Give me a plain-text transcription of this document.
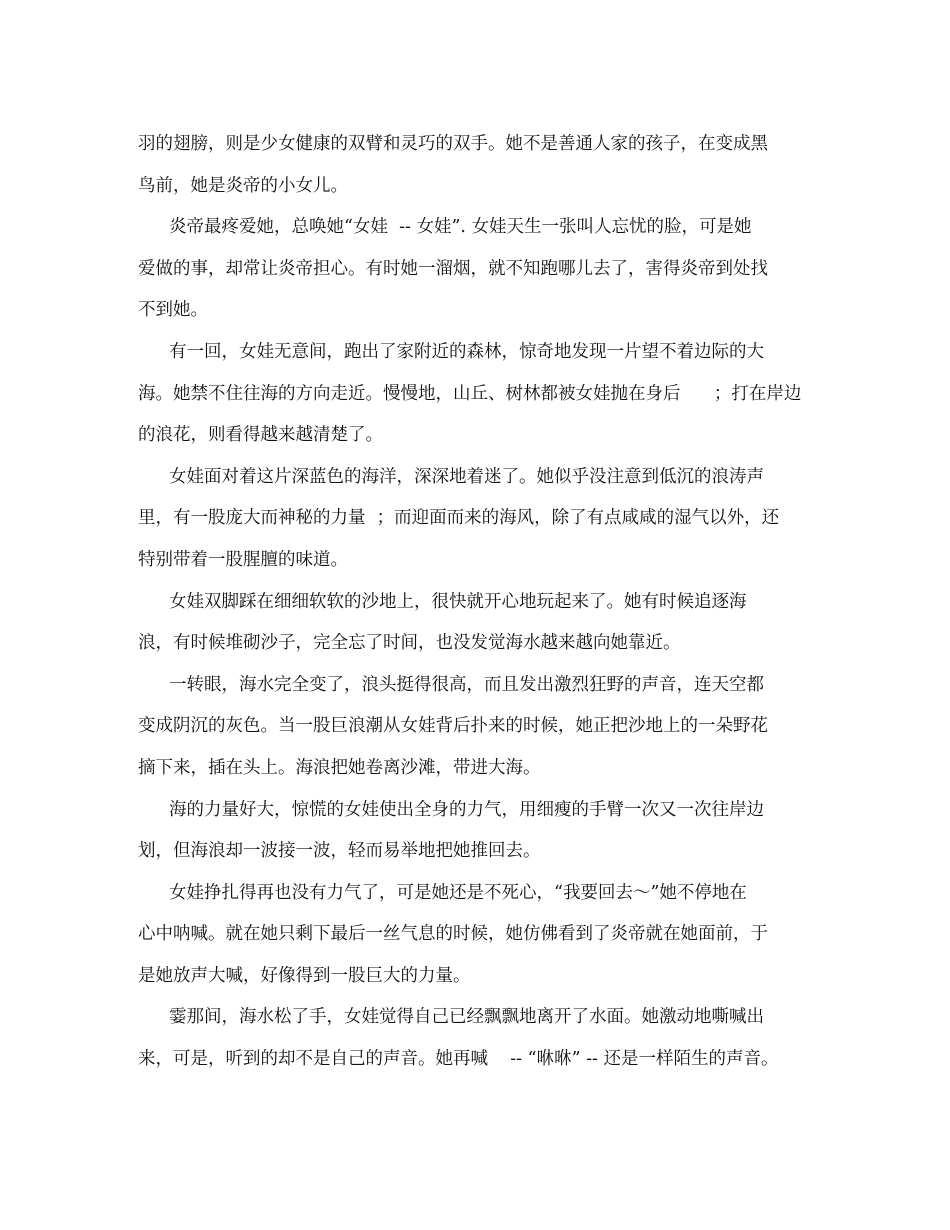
羽的翅膀，则是少女健康的双臂和灵巧的双手。她不是善通人家的孩子，在变成黑
鸟前，她是炎帝的小女儿。
炎帝最疼爱她，总唤她“女娃  -- 女娃”. 女娃天生一张叫人忘忧的脸，可是她
爱做的事，却常让炎帝担心。有时她一溜烟，就不知跑哪儿去了，害得炎帝到处找
不到她。
有一回，女娃无意间，跑出了家附近的森林，惊奇地发现一片望不着边际的大
海。她禁不住往海的方向走近。慢慢地，山丘、树林都被女娃抛在身后      ；打在岸边
的浪花，则看得越来越清楚了。
女娃面对着这片深蓝色的海洋，深深地着迷了。她似乎没注意到低沉的浪涛声
里，有一股庞大而神秘的力量  ；而迎面而来的海风，除了有点咸咸的湿气以外，还
特别带着一股腥膻的味道。
女娃双脚踩在细细软软的沙地上，很快就开心地玩起来了。她有时候追逐海
浪，有时候堆砌沙子，完全忘了时间，也没发觉海水越来越向她靠近。
一转眼，海水完全变了，浪头挺得很高，而且发出激烈狂野的声音，连天空都
变成阴沉的灰色。当一股巨浪潮从女娃背后扑来的时候，她正把沙地上的一朵野花
摘下来，插在头上。海浪把她卷离沙滩，带进大海。
海的力量好大，惊慌的女娃使出全身的力气，用细瘦的手臂一次又一次往岸边
划，但海浪却一波接一波，轻而易举地把她推回去。
女娃挣扎得再也没有力气了，可是她还是不死心，“我要回去～”她不停地在
心中呐喊。就在她只剩下最后一丝气息的时候，她仿佛看到了炎帝就在她面前，于
是她放声大喊，好像得到一股巨大的力量。
霎那间，海水松了手，女娃觉得自己已经飘飘地离开了水面。她激动地嘶喊出
来，可是，听到的却不是自己的声音。她再喊    -- “咻咻” -- 还是一样陌生的声音。
